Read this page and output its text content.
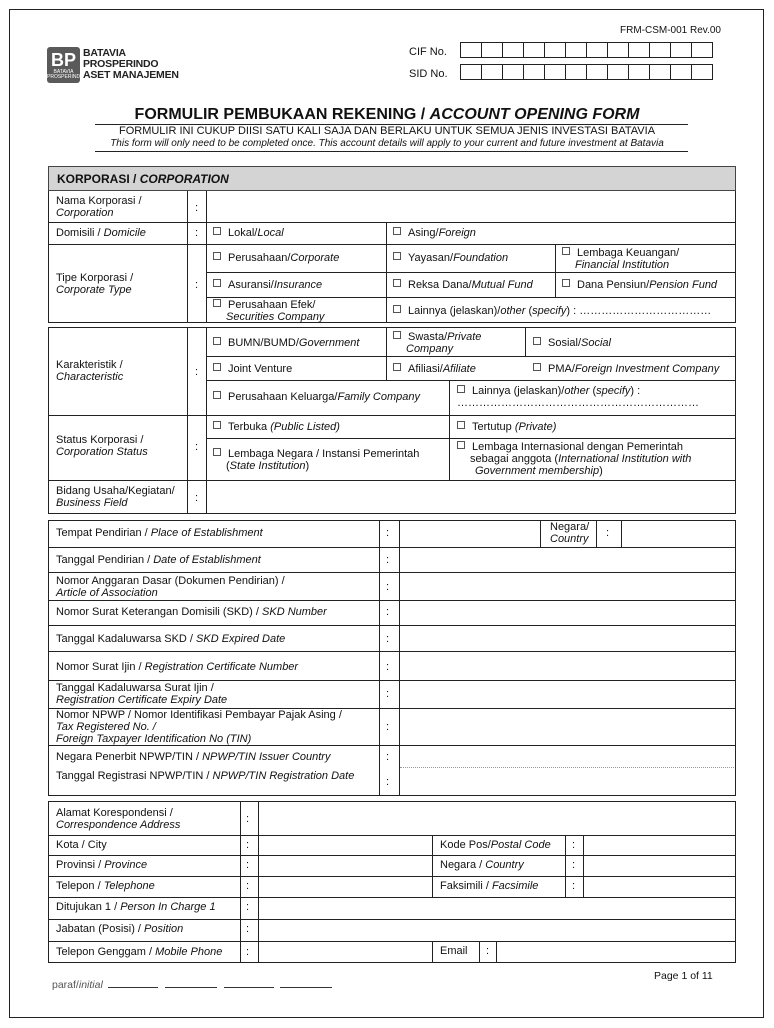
FRM-CSM-001 Rev.00
BP
BATAVIA PROSPERINDO
BATAVIA
PROSPERINDO
ASET MANAJEMEN
CIF No.
SID No.
FORMULIR PEMBUKAAN REKENING / ACCOUNT OPENING FORM
FORMULIR INI CUKUP DIISI SATU KALI SAJA DAN BERLAKU UNTUK SEMUA JENIS INVESTASI BATAVIA
This form will only need to be completed once. This account details will apply to your current and future investment at Batavia
KORPORASI / CORPORATION
Nama Korporasi /
Corporation	:
Domisili / Domicile	:	Lokal/Local	Asing/Foreign
Tipe Korporasi /
Corporate Type	:
Perusahaan/Corporate	Yayasan/Foundation	Lembaga Keuangan/
Financial Institution
Asuransi/Insurance	Reksa Dana/Mutual Fund	Dana Pensiun/Pension Fund
Perusahaan Efek/
Securities Company	Lainnya (jelaskan)/other (specify) : ………………………………
Karakteristik /
Characteristic	:
BUMN/BUMD/Government	Swasta/Private
Company	Sosial/Social
Joint Venture	Afiliasi/Afiliate	PMA/Foreign Investment Company
Perusahaan Keluarga/Family Company	Lainnya (jelaskan)/other (specify) :
…………………………………………………………
Status Korporasi /
Corporation Status	:
Terbuka (Public Listed)	Tertutup (Private)
Lembaga Negara / Instansi Pemerintah
(State Institution)
Lembaga Internasional dengan Pemerintah
sebagai anggota (International Institution with
Government membership)
Bidang Usaha/Kegiatan/
Business Field	:
Tempat Pendirian / Place of Establishment	:	Negara/
Country :
Tanggal Pendirian / Date of Establishment	:
Nomor Anggaran Dasar (Dokumen Pendirian) /
Article of Association	:
Nomor Surat Keterangan Domisili (SKD) / SKD Number	:
Tanggal Kadaluwarsa SKD / SKD Expired Date	:
Nomor Surat Ijin / Registration Certificate Number	:
Tanggal Kadaluwarsa Surat Ijin /
Registration Certificate Expiry Date	:
Nomor NPWP / Nomor Identifikasi Pembayar Pajak Asing /
Tax Registered No. /
Foreign Taxpayer Identification No (TIN)
:
Negara Penerbit NPWP/TIN / NPWP/TIN Issuer Country	:
Tanggal Registrasi NPWP/TIN / NPWP/TIN Registration Date	:
Alamat Korespondensi /
Correspondence Address	:
Kota / City	:	Kode Pos/Postal Code :
Provinsi / Province	:	Negara / Country	:
Telepon / Telephone	:	Faksimili / Facsimile	:
Ditujukan 1 / Person In Charge 1	:
Jabatan (Posisi) / Position	:
Telepon Genggam / Mobile Phone :	Email :
Page 1 of 11
paraf/initial
